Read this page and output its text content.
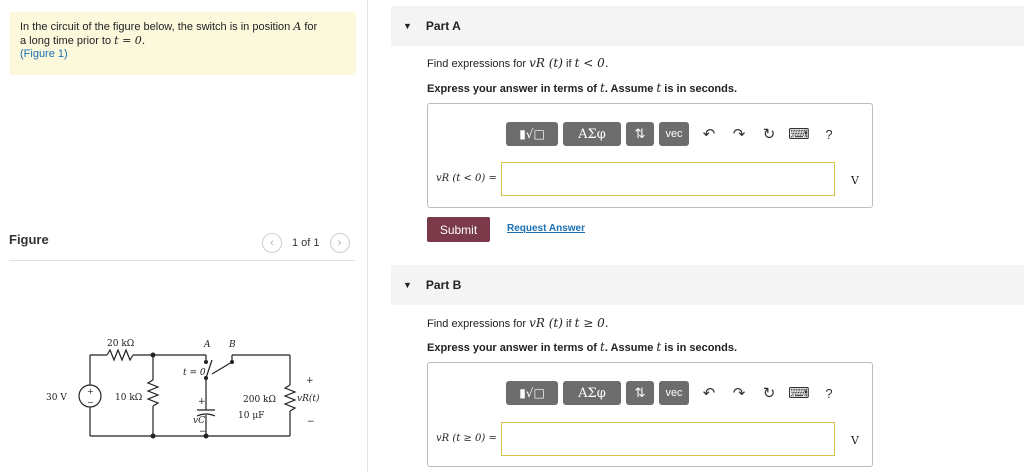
In the circuit of the figure below, the switch is in position A for
a long time prior to t = 0.
(Figure 1)
Figure	‹	1 of 1	›
20 kΩ
10 kΩ	200 kΩ
10 μF
30 V
A B
t = 0
vC
vR(t)
+
−	+
−
+
−
▼ Part A
Find expressions for vR (t) if t < 0.
Express your answer in terms of t. Assume t is in seconds.
▮√□	ΑΣφ	⇅	vec	↶	↷	↻ ⌨	?
vR (t < 0) =	V
Submit	Request Answer
▼ Part B
Find expressions for vR (t) if t ≥ 0.
Express your answer in terms of t. Assume t is in seconds.
▮√□	ΑΣφ	⇅	vec	↶	↷	↻ ⌨	?
vR (t ≥ 0) =	V
